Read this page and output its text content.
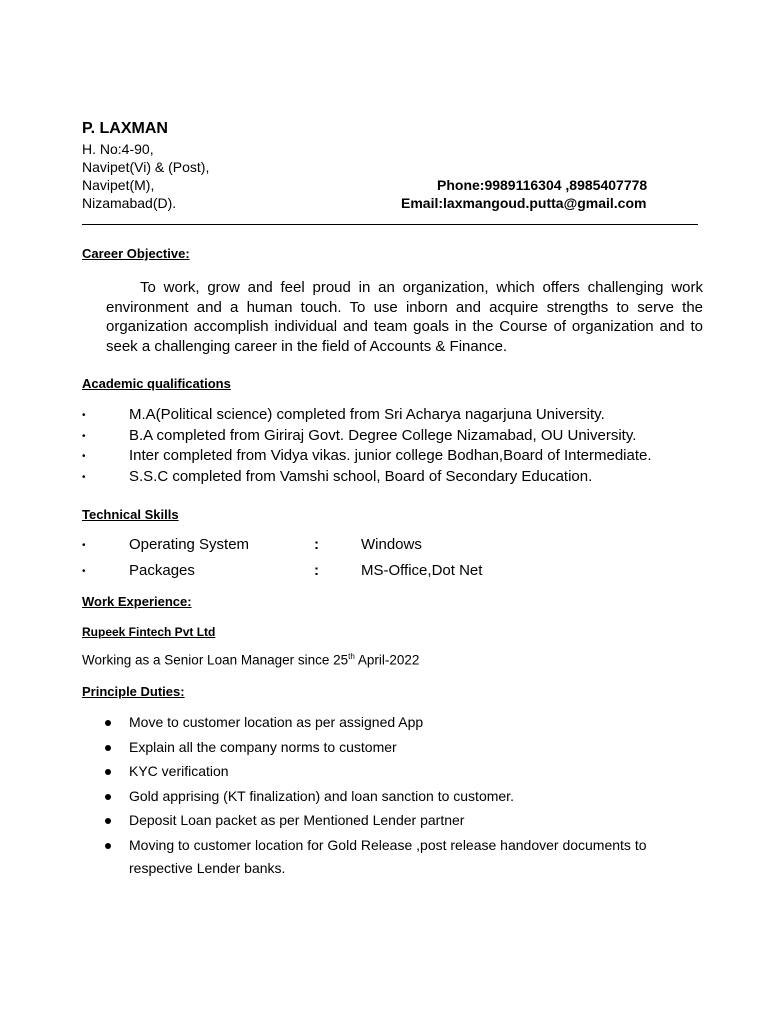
P. LAXMAN
H. No:4-90,
Navipet(Vi) & (Post),
Navipet(M),
Nizamabad(D).
Phone:9989116304 ,8985407778
Email:laxmangoud.putta@gmail.com
Career Objective:
To work, grow and feel proud in an organization, which offers challenging work environment and a human touch. To use inborn and acquire strengths to serve the organization accomplish individual and team goals in the Course of organization and to seek a challenging career in the field of Accounts & Finance.
Academic qualifications
•	M.A(Political science) completed from Sri Acharya nagarjuna University.
•	B.A completed from Giriraj Govt. Degree College Nizamabad, OU University.
•	Inter completed from Vidya vikas. junior college Bodhan,Board of Intermediate.
•	S.S.C completed from Vamshi school, Board of Secondary Education.
Technical Skills
•	Operating System	:	Windows
•	Packages	:	MS-Office,Dot Net
Work Experience:
Rupeek Fintech Pvt Ltd
Working as a Senior Loan Manager since 25th April-2022
Principle Duties:
Move to customer location as per assigned App
Explain all the company norms to customer
KYC verification
Gold apprising (KT finalization) and loan sanction to customer.
Deposit Loan packet as per Mentioned Lender partner
Moving to customer location for Gold Release ,post release handover documents to respective Lender banks.
